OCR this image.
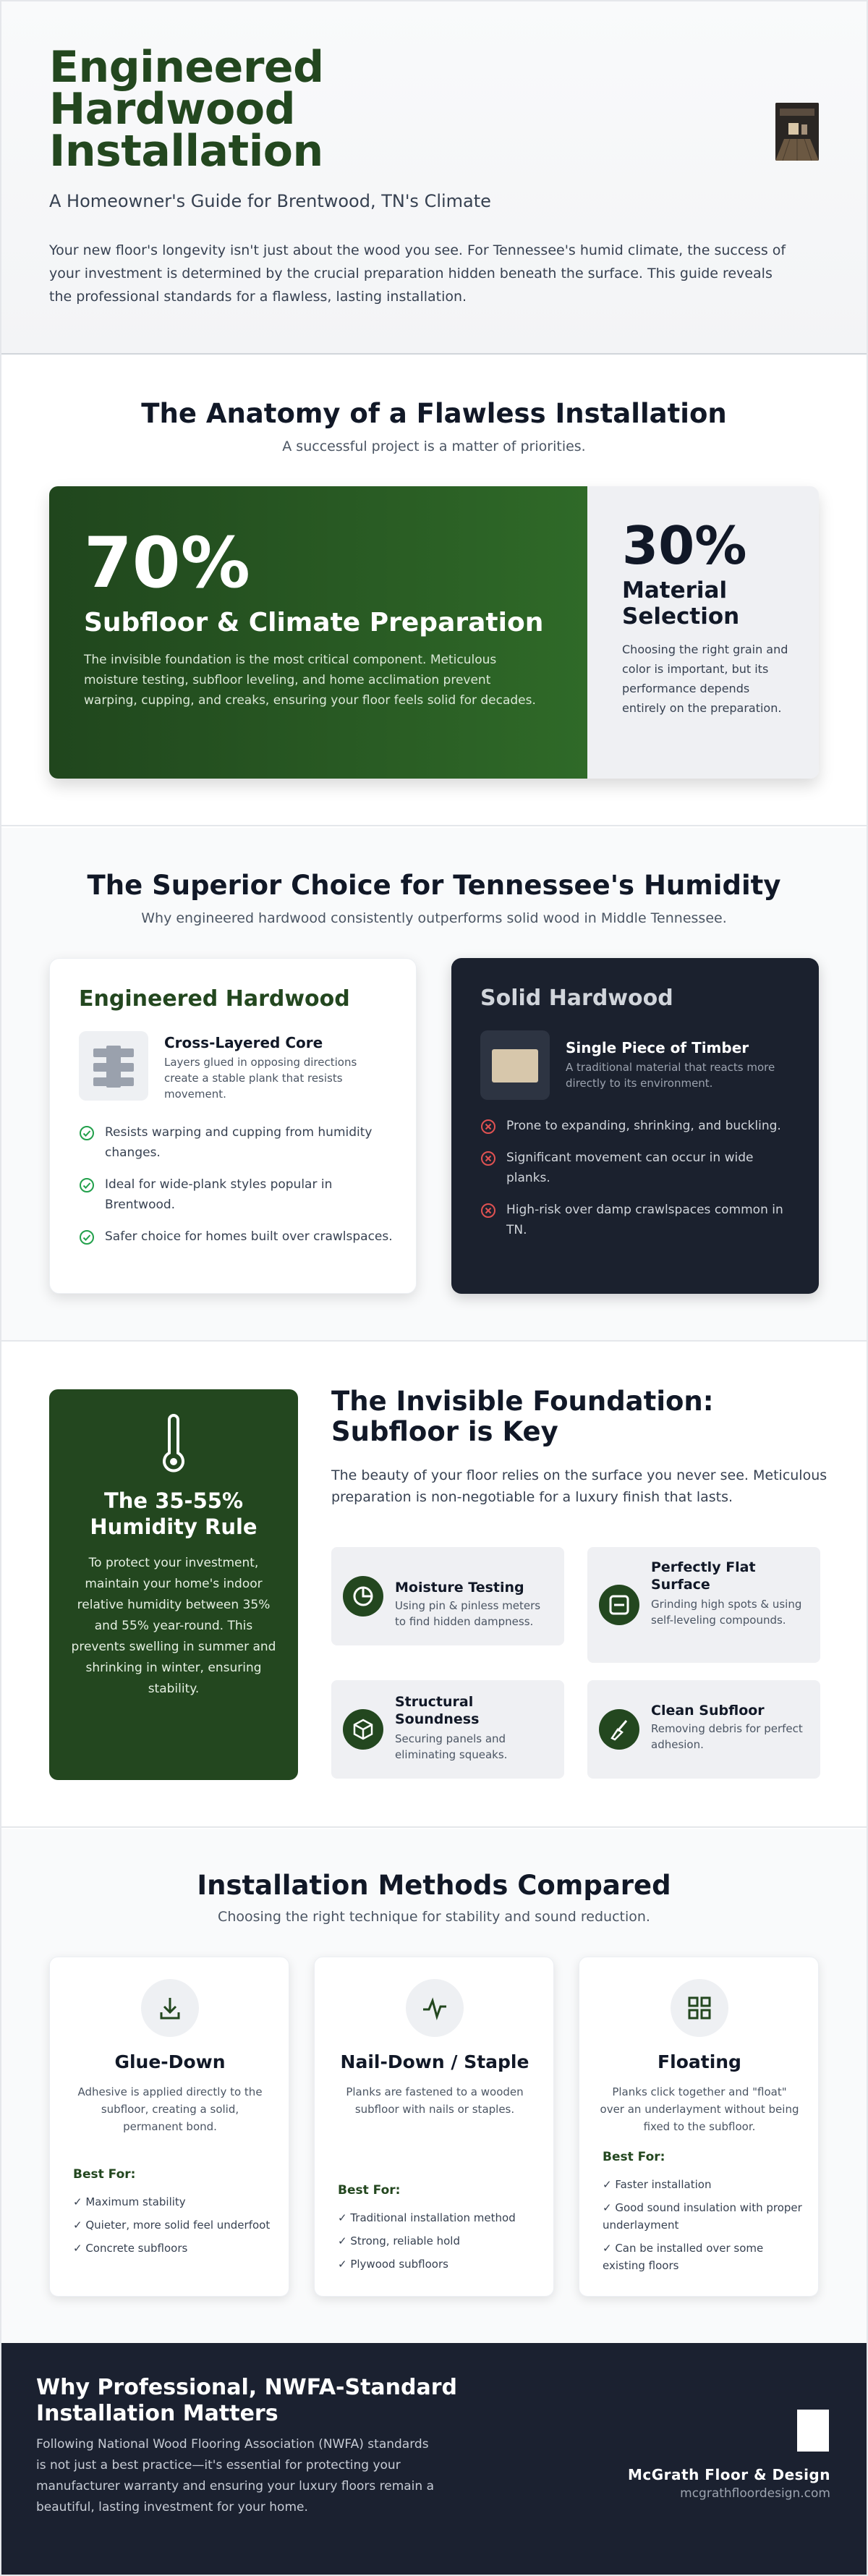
Engineered Hardwood Installation
A Homeowner's Guide for Brentwood, TN's Climate

Your new floor's longevity isn't just about the wood you see. For Tennessee's humid climate, the success of your investment is determined by the crucial preparation hidden beneath the surface. This guide reveals the professional standards for a flawless, lasting installation.

The Anatomy of a Flawless Installation
A successful project is a matter of priorities.
70%
Subfloor & Climate Preparation

The invisible foundation is the most critical component. Meticulous moisture testing, subfloor leveling, and home acclimation prevent warping, cupping, and creaks, ensuring your floor feels solid for decades.

30%
Material Selection

Choosing the right grain and color is important, but its performance depends entirely on the preparation.

The Superior Choice for Tennessee's Humidity
Why engineered hardwood consistently outperforms solid wood in Middle Tennessee.
Engineered Hardwood
Cross-Layered Core

Layers glued in opposing directions create a stable plank that resists movement.

Resists warping and cupping from humidity changes.
Ideal for wide-plank styles popular in Brentwood.
Safer choice for homes built over crawlspaces.
Solid Hardwood
Single Piece of Timber

A traditional material that reacts more directly to its environment.

Prone to expanding, shrinking, and buckling.
Significant movement can occur in wide planks.
High-risk over damp crawlspaces common in TN.
The 35-55% Humidity Rule

To protect your investment, maintain your home's indoor relative humidity between 35% and 55% year-round. This prevents swelling in summer and shrinking in winter, ensuring stability.

The Invisible Foundation: Subfloor is Key

The beauty of your floor relies on the surface you never see. Meticulous preparation is non-negotiable for a luxury finish that lasts.

Moisture Testing

Using pin & pinless meters to find hidden dampness.

Perfectly Flat Surface

Grinding high spots & using self-leveling compounds.

Structural Soundness

Securing panels and eliminating squeaks.

Clean Subfloor

Removing debris for perfect adhesion.

Installation Methods Compared
Choosing the right technique for stability and sound reduction.
Glue-Down

Adhesive is applied directly to the subfloor, creating a solid, permanent bond.

Best For:
✓ Maximum stability
✓ Quieter, more solid feel underfoot
✓ Concrete subfloors
Nail-Down / Staple

Planks are fastened to a wooden subfloor with nails or staples.

Best For:
✓ Traditional installation method
✓ Strong, reliable hold
✓ Plywood subfloors
Floating

Planks click together and "float" over an underlayment without being fixed to the subfloor.

Best For:
✓ Faster installation
✓ Good sound insulation with proper underlayment
✓ Can be installed over some existing floors
Why Professional, NWFA-Standard Installation Matters

Following National Wood Flooring Association (NWFA) standards is not just a best practice—it's essential for protecting your manufacturer warranty and ensuring your luxury floors remain a beautiful, lasting investment for your home.

McGrath Floor & Design
mcgrathfloordesign.com
